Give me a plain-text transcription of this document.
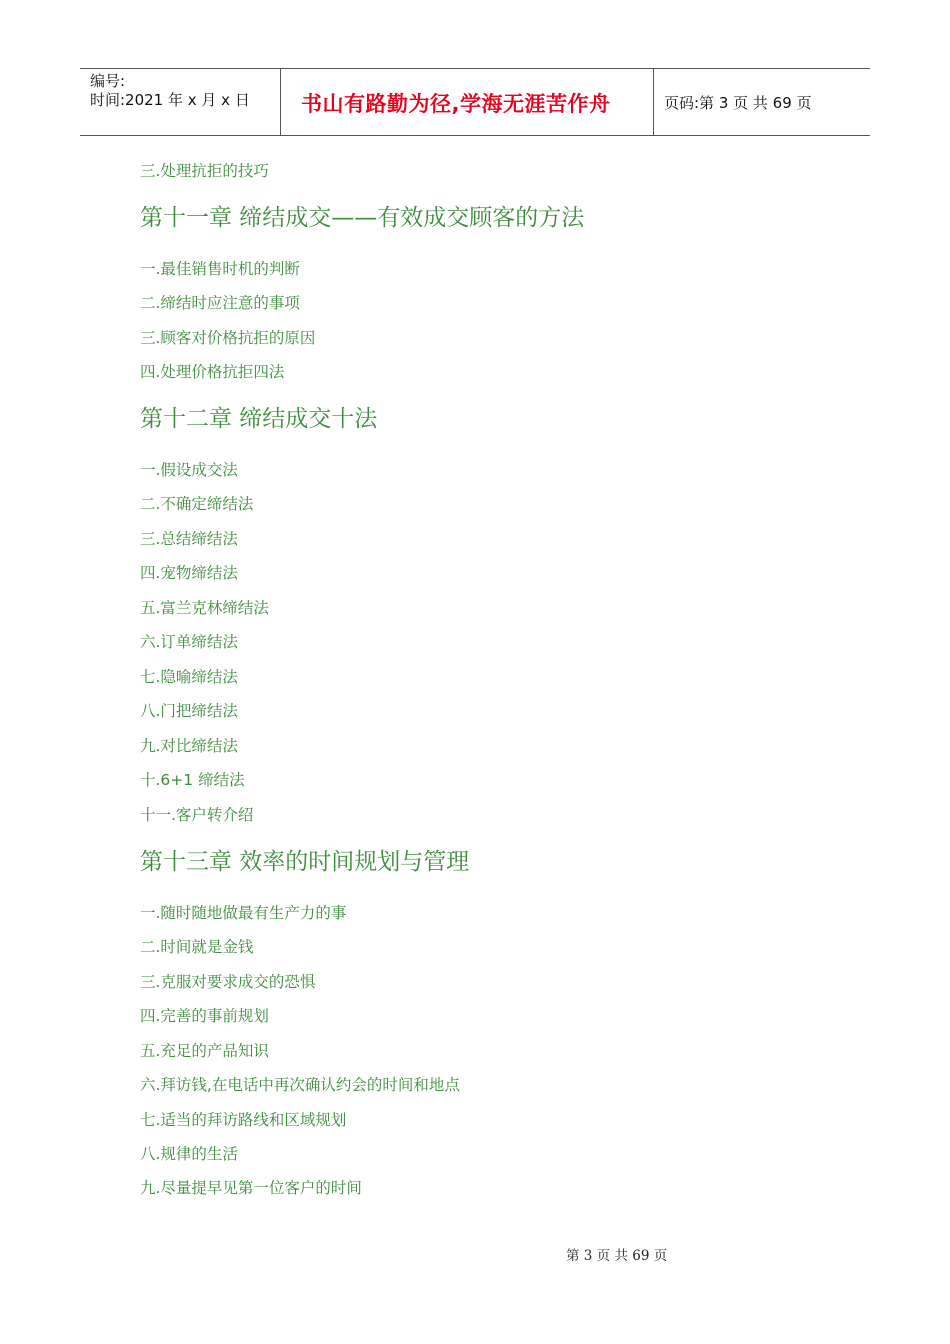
编号:
时间:2021 年 x 月 x 日 书山有路勤为径,学海无涯苦作舟	页码:第 3 页 共 69 页
三.处理抗拒的技巧
第十一章 缔结成交——有效成交顾客的方法
一.最佳销售时机的判断
二.缔结时应注意的事项
三.顾客对价格抗拒的原因
四.处理价格抗拒四法
第十二章 缔结成交十法
一.假设成交法
二.不确定缔结法
三.总结缔结法
四.宠物缔结法
五.富兰克林缔结法
六.订单缔结法
七.隐喻缔结法
八.门把缔结法
九.对比缔结法
十.6+1 缔结法
十一.客户转介绍
第十三章 效率的时间规划与管理
一.随时随地做最有生产力的事
二.时间就是金钱
三.克服对要求成交的恐惧
四.完善的事前规划
五.充足的产品知识
六.拜访钱,在电话中再次确认约会的时间和地点
七.适当的拜访路线和区域规划
八.规律的生活
九.尽量提早见第一位客户的时间
第 3 页 共 69 页
